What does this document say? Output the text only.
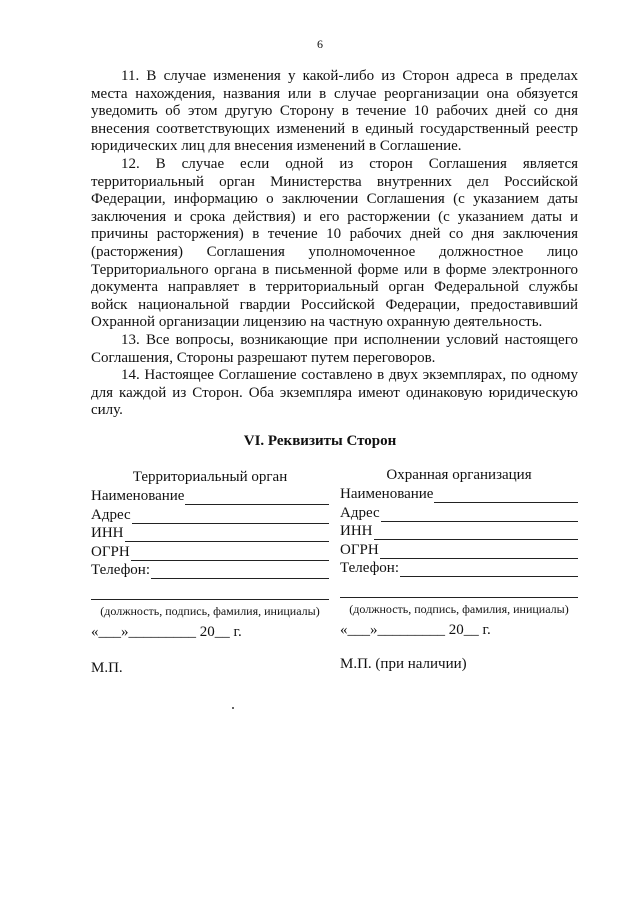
6

11. В случае изменения у какой-либо из Сторон адреса в пределах места нахождения, названия или в случае реорганизации она обязуется уведомить об этом другую Сторону в течение 10 рабочих дней со дня внесения соответствующих изменений в единый государственный реестр юридических лиц для внесения изменений в Соглашение.

12. В случае если одной из сторон Соглашения является территориальный орган Министерства внутренних дел Российской Федерации, информацию о заключении Соглашения (с указанием даты заключения и срока действия) и его расторжении (с указанием даты и причины расторжения) в течение 10 рабочих дней со дня заключения (расторжения) Соглашения уполномоченное должностное лицо Территориального органа в письменной форме или в форме электронного документа направляет в территориальный орган Федеральной службы войск национальной гвардии Российской Федерации, предоставивший Охранной организации лицензию на частную охранную деятельность.

13. Все вопросы, возникающие при исполнении условий настоящего Соглашения, Стороны разрешают путем переговоров.

14. Настоящее Соглашение составлено в двух экземплярах, по одному для каждой из Сторон. Оба экземпляра имеют одинаковую юридическую силу.

VI. Реквизиты Сторон
Территориальный орган
Наименование
Адрес
ИНН
ОГРН
Телефон:
(должность, подпись, фамилия, инициалы)
Охранная организация
Наименование
Адрес
ИНН
ОГРН
Телефон:
(должность, подпись, фамилия, инициалы)
«___»_________ 20__ г.	«___»_________ 20__ г.
М.П.	М.П. (при наличии)
